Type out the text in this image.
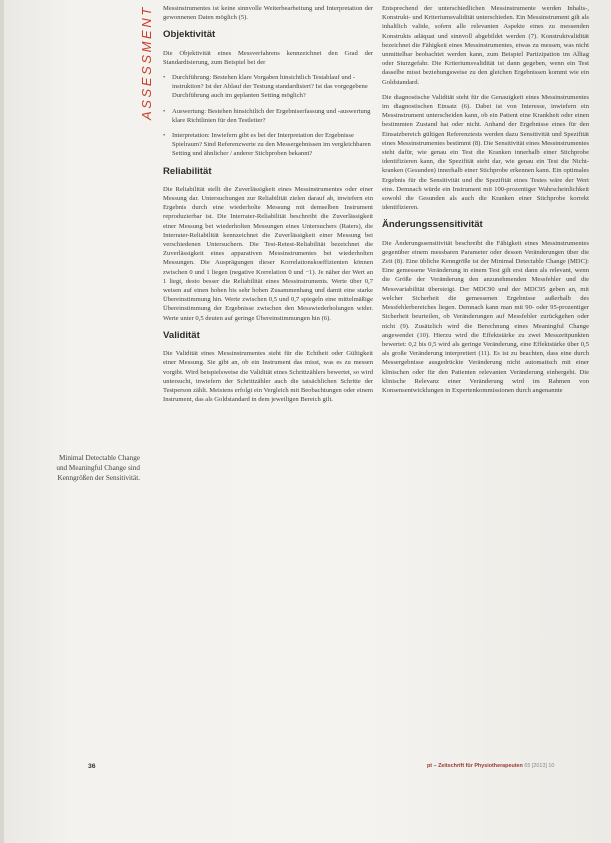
ASSESSMENT
Minimal Detectable Change und Meaningful Change sind Kenngrößen der Sensitivität.

Messinstrumentes ist keine sinnvolle Weiterbearbeitung und Interpretation der gewonnenen Daten möglich (5).

Objektivität

Die Objektivität eines Messverfahrens kennzeichnet den Grad der Standardisierung, zum Beispiel bei der

• Durchführung: Bestehen klare Vorgaben hinsichtlich Testablauf und -instruktion? Ist der Ablauf der Testung standardisiert? Ist das vorgegebene Durchführung auch im geplanten Setting möglich?
• Auswertung: Bestehen hinsichtlich der Ergebniserfassung und -auswertung klare Richtlinien für den Testleiter?
• Interpretation: Inwiefern gibt es bei der Interpretation der Ergebnisse Spielraum? Sind Referenzwerte zu den Messergebnissen im vergleichbaren Setting und ähnlicher / anderer Stichproben bekannt?
Reliabilität

Die Reliabilität stellt die Zuverlässigkeit eines Messinstrumentes oder einer Messung dar. Untersuchungen zur Reliabilität zielen darauf ab, inwiefern ein Ergebnis durch eine wiederholte Messung mit demselben Instrument reproduzierbar ist. Die Interrater-Reliabilität beschreibt die Zuverlässigkeit einer Messung bei wiederholten Messungen eines Untersuchers (Raters), die Interrater-Reliabilität kennzeichnet die Zuverlässigkeit einer Messung bei verschiedenen Untersuchern. Die Test-Retest-Reliabilität bezeichnet die Zuverlässigkeit eines apparativen Messinstrumentes bei wiederholten Messungen. Die Ausprägungen dieser Korrelationskoeffizienten können zwischen 0 und 1 liegen (negative Korrelation 0 und −1). Je näher der Wert an 1 liegt, desto besser die Reliabilität eines Messinstruments. Werte über 0,7 weisen auf einen hohen bis sehr hohen Zusammenhang und damit eine starke Übereinstimmung hin. Werte zwischen 0,5 und 0,7 spiegeln eine mittelmäßige Übereinstimmung der Ergebnisse zwischen den Messwiederholungen wider. Werte unter 0,5 deuten auf geringe Übereinstimmungen hin (6).

Validität

Die Validität eines Messinstrumentes steht für die Echtheit oder Gültigkeit einer Messung. Sie gibt an, ob ein Instrument das misst, was es zu messen vorgibt. Wird beispielsweise die Validität eines Schrittzählers bewertet, so wird untersucht, inwiefern der Schrittzähler auch die tatsächlichen Schritte der Testperson zählt. Meistens erfolgt ein Vergleich mit Beobachtungen oder einem Instrument, das als Goldstandard in dem jeweiligen Bereich gilt.

Entsprechend der unterschiedlichen Messinstrumente werden Inhalts-, Konstrukt- und Kriteriumsvalidität unterschieden. Ein Messinstrument gilt als inhaltlich valide, sofern alle relevanten Aspekte eines zu messenden Konstrukts adäquat und sinnvoll abgebildet werden (7). Konstruktvalidität bezeichnet die Fähigkeit eines Messinstrumentes, etwas zu messen, was nicht unmittelbar beobachtet werden kann, zum Beispiel Partizipation im Alltag oder Sturzgefahr. Die Kriteriumsvalidität ist dann gegeben, wenn ein Test dasselbe misst beziehungsweise zu den gleichen Ergebnissen kommt wie ein Goldstandard.

Die diagnostische Validität steht für die Genauigkeit eines Messinstrumentes im diagnostischen Einsatz (6). Dabei ist von Interesse, inwiefern ein Messinstrument unterscheiden kann, ob ein Patient eine Krankheit oder einen bestimmten Zustand hat oder nicht. Anhand der Ergebnisse eines für den Einsatzbereich gültigen Referenztests werden dazu Sensitivität und Spezifität eines Messinstrumentes bestimmt (8). Die Sensitivität eines Messinstrumentes steht dafür, wie genau ein Test die Kranken innerhalb einer Stichprobe identifizieren kann, die Spezifität steht dar, wie genau ein Test die Nicht-kranken (Gesunden) innerhalb einer Stichprobe erkennen kann. Ein optimales Ergebnis für die Sensitivität und die Spezifität eines Testes wäre der Wert eins. Demnach würde ein Instrument mit 100-prozentiger Wahrscheinlichkeit sowohl die Gesunden als auch die Kranken einer Stichprobe korrekt identifizieren.

Änderungssensitivität

Die Änderungssensitivität beschreibt die Fähigkeit eines Messinstrumentes gegenüber einem messbaren Parameter oder dessen Veränderungen über die Zeit (8). Eine übliche Kenngröße ist der Minimal Detectable Change (MDC): Eine gemessene Veränderung in einem Test gilt erst dann als relevant, wenn die Größe der Veränderung den anzunehmenden Messfehler und die Messvariabilität übersteigt. Der MDC90 und der MDC95 geben an, mit welcher Sicherheit die gemessenen Ergebnisse außerhalb des Messfehlerbereiches liegen. Demnach kann man mit 90- oder 95-prozentiger Sicherheit beurteilen, ob Veränderungen auf Messfehler zurückgehen oder nicht (9). Zusätzlich wird die Berechnung eines Meaningful Change angewendet (10). Hierzu wird die Effektstärke zu zwei Messzeitpunkten bewertet: 0,2 bis 0,5 wird als geringe Veränderung, eine Effektstärke über 0,5 als große Veränderung interpretiert (11). Es ist zu beachten, dass eine durch Messergebnisse ausgedrückte Veränderung nicht automatisch mit einer klinischen oder für den Patienten relevanten Veränderung einhergeht. Die klinische Relevanz einer Veränderung wird im Rahmen von Konsensentwicklungen in Expertenkommissionen durch angenannte

36	pt – Zeitschrift für Physiotherapeuten 65 [2013] 10
